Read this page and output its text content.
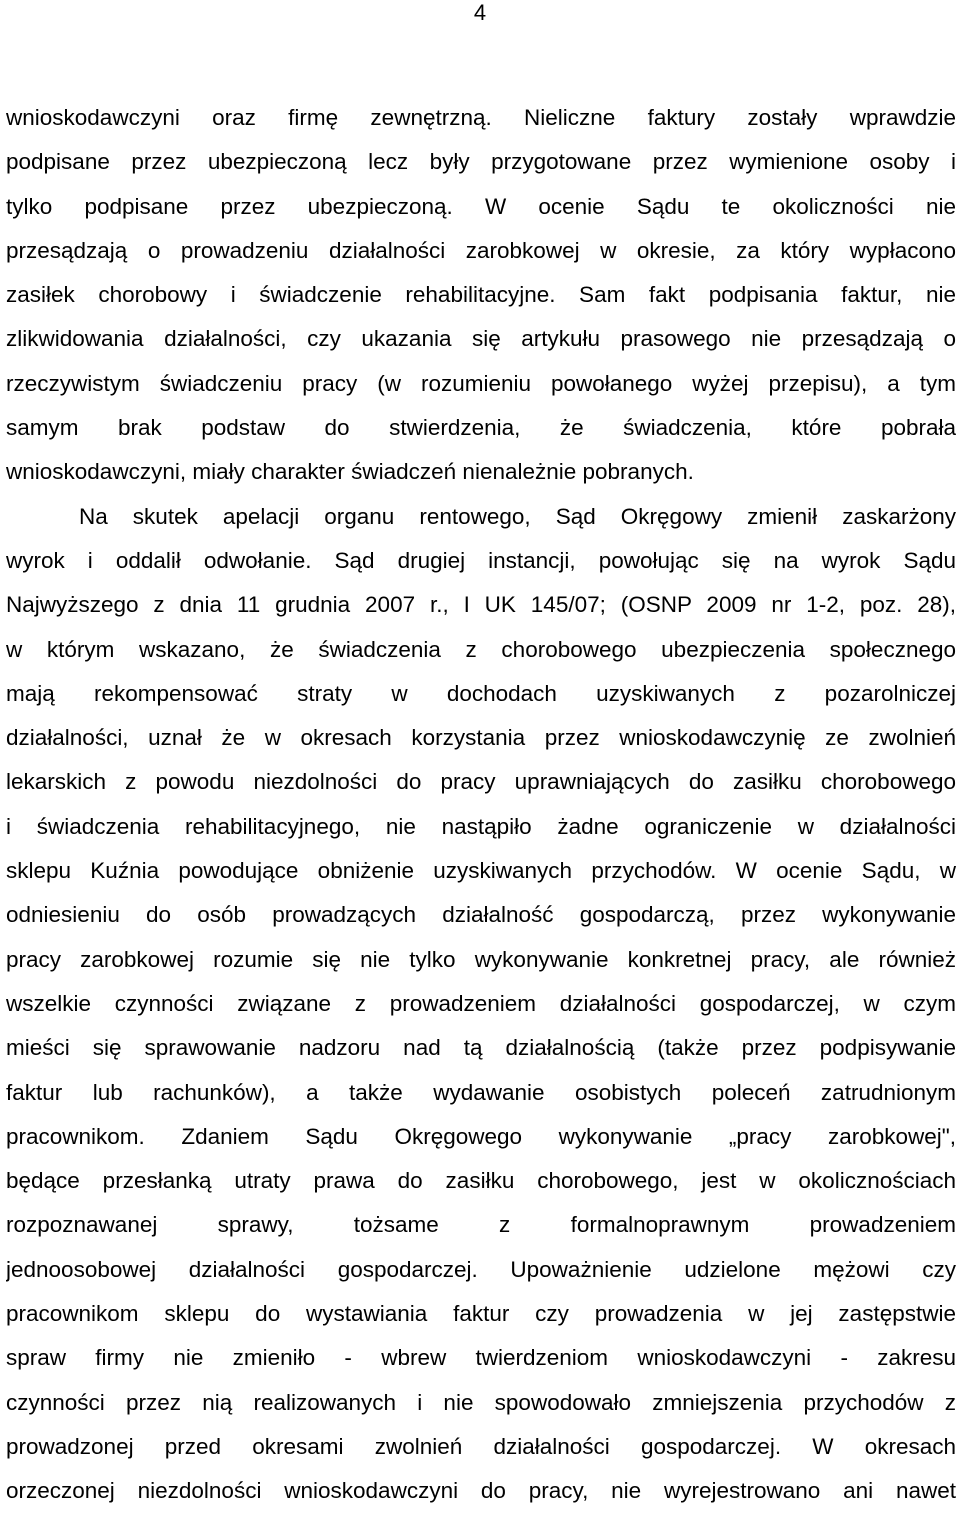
4
wnioskodawczyni oraz firmę zewnętrzną. Nieliczne faktury zostały wprawdzie
podpisane przez ubezpieczoną lecz były przygotowane przez wymienione osoby i
tylko podpisane przez ubezpieczoną. W ocenie Sądu te okoliczności nie
przesądzają o prowadzeniu działalności zarobkowej w okresie, za który wypłacono
zasiłek chorobowy i świadczenie rehabilitacyjne. Sam fakt podpisania faktur, nie
zlikwidowania działalności, czy ukazania się artykułu prasowego nie przesądzają o
rzeczywistym świadczeniu pracy (w rozumieniu powołanego wyżej przepisu), a tym
samym brak podstaw do stwierdzenia, że świadczenia, które pobrała
wnioskodawczyni, miały charakter świadczeń nienależnie pobranych.
Na skutek apelacji organu rentowego, Sąd Okręgowy zmienił zaskarżony
wyrok i oddalił odwołanie. Sąd drugiej instancji, powołując się na wyrok Sądu
Najwyższego z dnia 11 grudnia 2007 r., I UK 145/07; (OSNP 2009 nr 1-2, poz. 28),
w którym wskazano, że świadczenia z chorobowego ubezpieczenia społecznego
mają rekompensować straty w dochodach uzyskiwanych z pozarolniczej
działalności, uznał że w okresach korzystania przez wnioskodawczynię ze zwolnień
lekarskich z powodu niezdolności do pracy uprawniających do zasiłku chorobowego
i świadczenia rehabilitacyjnego, nie nastąpiło żadne ograniczenie w działalności
sklepu Kuźnia powodujące obniżenie uzyskiwanych przychodów. W ocenie Sądu, w
odniesieniu do osób prowadzących działalność gospodarczą, przez wykonywanie
pracy zarobkowej rozumie się nie tylko wykonywanie konkretnej pracy, ale również
wszelkie czynności związane z prowadzeniem działalności gospodarczej, w czym
mieści się sprawowanie nadzoru nad tą działalnością (także przez podpisywanie
faktur lub rachunków), a także wydawanie osobistych poleceń zatrudnionym
pracownikom. Zdaniem Sądu Okręgowego wykonywanie „pracy zarobkowej",
będące przesłanką utraty prawa do zasiłku chorobowego, jest w okolicznościach
rozpoznawanej sprawy, tożsame z formalnoprawnym prowadzeniem
jednoosobowej działalności gospodarczej. Upoważnienie udzielone mężowi czy
pracownikom sklepu do wystawiania faktur czy prowadzenia w jej zastępstwie
spraw firmy nie zmieniło - wbrew twierdzeniom wnioskodawczyni - zakresu
czynności przez nią realizowanych i nie spowodowało zmniejszenia przychodów z
prowadzonej przed okresami zwolnień działalności gospodarczej. W okresach
orzeczonej niezdolności wnioskodawczyni do pracy, nie wyrejestrowano ani nawet
